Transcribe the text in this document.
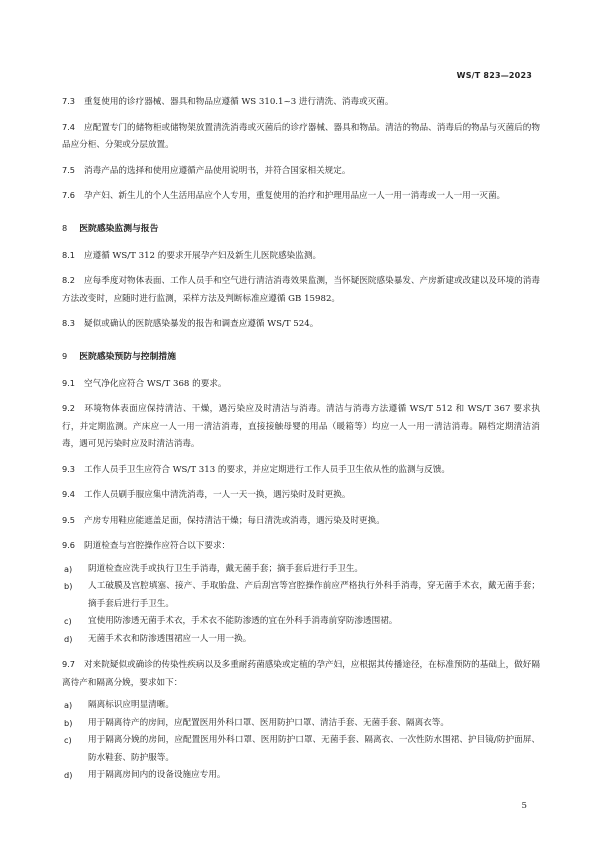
WS/T 823—2023

7.3 重复使用的诊疗器械、器具和物品应遵循 WS 310.1~3 进行清洗、消毒或灭菌。

7.4 应配置专门的储物柜或储物架放置清洗消毒或灭菌后的诊疗器械、器具和物品。清洁的物品、消毒后的物品与灭菌后的物品应分柜、分架或分层放置。

7.5 消毒产品的选择和使用应遵循产品使用说明书，并符合国家相关规定。

7.6 孕产妇、新生儿的个人生活用品应个人专用，重复使用的治疗和护理用品应一人一用一消毒或一人一用一灭菌。

8 医院感染监测与报告

8.1 应遵循 WS/T 312 的要求开展孕产妇及新生儿医院感染监测。

8.2 应每季度对物体表面、工作人员手和空气进行清洁消毒效果监测，当怀疑医院感染暴发、产房新建或改建以及环境的消毒方法改变时，应随时进行监测，采样方法及判断标准应遵循 GB 15982。

8.3 疑似或确认的医院感染暴发的报告和调查应遵循 WS/T 524。

9 医院感染预防与控制措施

9.1 空气净化应符合 WS/T 368 的要求。

9.2 环境物体表面应保持清洁、干燥，遇污染应及时清洁与消毒。清洁与消毒方法遵循 WS/T 512 和 WS/T 367 要求执行，并定期监测。产床应一人一用一清洁消毒，直接接触母婴的用品（暖箱等）均应一人一用一清洁消毒。隔档定期清洁消毒，遇可见污染时应及时清洁消毒。

9.3 工作人员手卫生应符合 WS/T 313 的要求，并应定期进行工作人员手卫生依从性的监测与反馈。

9.4 工作人员刷手服应集中清洗消毒，一人一天一换，遇污染时及时更换。

9.5 产房专用鞋应能遮盖足面，保持清洁干燥；每日清洗或消毒，遇污染及时更换。

9.6 阴道检查与宫腔操作应符合以下要求：

a)	阴道检查应洗手或执行卫生手消毒，戴无菌手套；摘手套后进行手卫生。
b)	人工破膜及宫腔填塞、接产、手取胎盘、产后刮宫等宫腔操作前应严格执行外科手消毒，穿无菌手术衣，戴无菌手套；摘手套后进行手卫生。
c)	宜使用防渗透无菌手术衣，手术衣不能防渗透的宜在外科手消毒前穿防渗透围裙。
d)	无菌手术衣和防渗透围裙应一人一用一换。

9.7 对来院疑似或确诊的传染性疾病以及多重耐药菌感染或定植的孕产妇，应根据其传播途径，在标准预防的基础上，做好隔离待产和隔离分娩，要求如下：

a)	隔离标识应明显清晰。
b)	用于隔离待产的房间，应配置医用外科口罩、医用防护口罩、清洁手套、无菌手套、隔离衣等。
c)	用于隔离分娩的房间，应配置医用外科口罩、医用防护口罩、无菌手套、隔离衣、一次性防水围裙、护目镜/防护面屏、防水鞋套、防护服等。
d)	用于隔离房间内的设备设施应专用。
5
